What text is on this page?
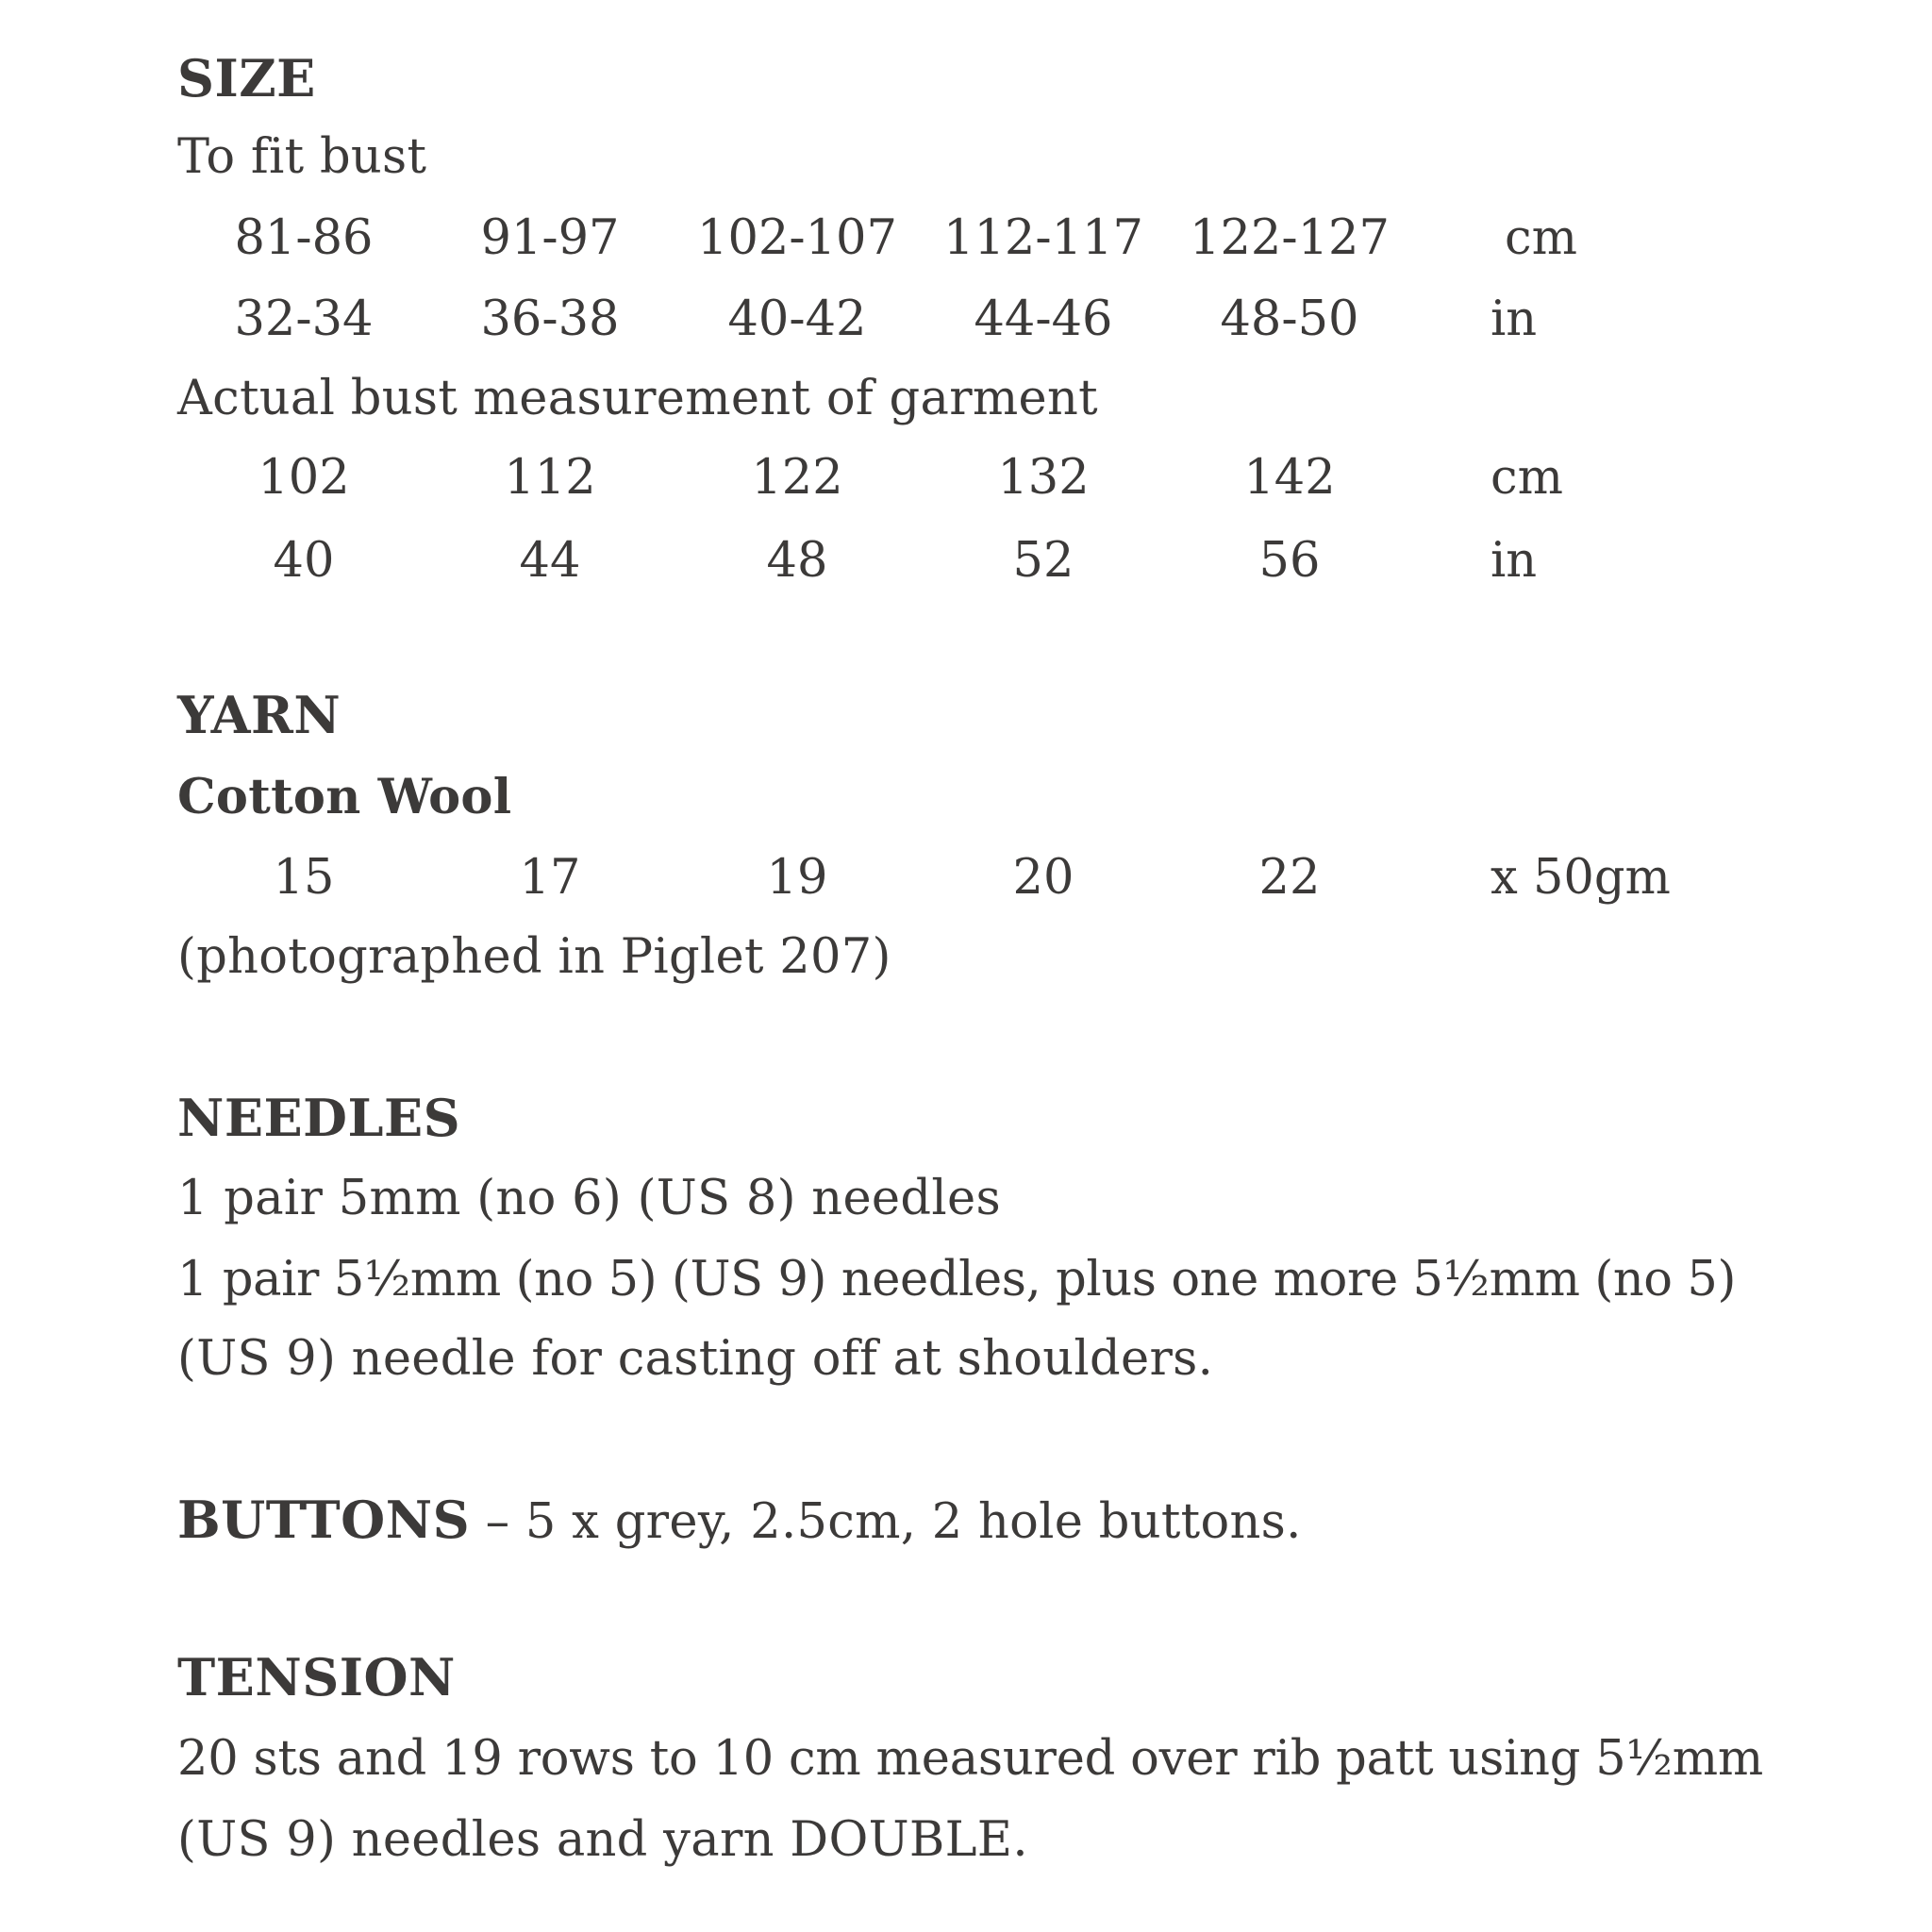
SIZE
To fit bust
81-86	91-97	102-107 112-117 122-127 cm
32-34	36-38	40-42	44-46	48-50	in
Actual bust measurement of garment
102	112	122	132	142	cm
40	44	48	52	56	in
YARN
Cotton Wool
15	17	19	20	22	x 50gm
(photographed in Piglet 207)
NEEDLES
1 pair 5mm (no 6) (US 8) needles
1 pair 5½mm (no 5) (US 9) needles, plus one more 5½mm (no 5)
(US 9) needle for casting off at shoulders.
BUTTONS – 5 x grey, 2.5cm, 2 hole buttons.
TENSION
20 sts and 19 rows to 10 cm measured over rib patt using 5½mm
(US 9) needles and yarn DOUBLE.
